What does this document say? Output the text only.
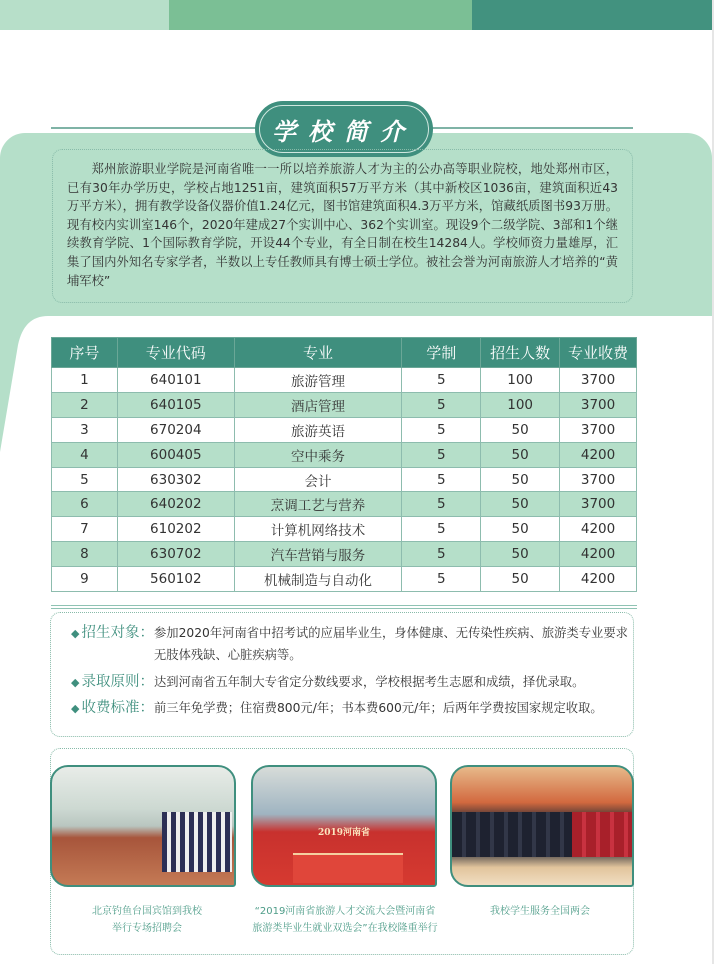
学校简介
郑州旅游职业学院是河南省唯一一所以培养旅游人才为主的公办高等职业院校，地处郑州市区，已有30年办学历史，学校占地1251亩，建筑面积57万平方米（其中新校区1036亩，建筑面积近43万平方米），拥有教学设备仪器价值1.24亿元，图书馆建筑面积4.3万平方米，馆藏纸质图书93万册。现有校内实训室146个，2020年建成27个实训中心、362个实训室。现设9个二级学院、3部和1个继续教育学院、1个国际教育学院，开设44个专业，有全日制在校生14284人。学校师资力量雄厚，汇集了国内外知名专家学者，半数以上专任教师具有博士硕士学位。被社会誉为河南旅游人才培养的“黄埔军校”
序号	专业代码	专业	学制	招生人数	专业收费
1	640101	旅游管理	5	100	3700
2	640105	酒店管理	5	100	3700
3	670204	旅游英语	5	50	3700
4	600405	空中乘务	5	50	4200
5	630302	会计	5	50	3700
6	640202	烹调工艺与营养	5	50	3700
7	610202	计算机网络技术	5	50	4200
8	630702	汽车营销与服务	5	50	4200
9	560102	机械制造与自动化	5	50	4200
◆ 招生对象： 参加2020年河南省中招考试的应届毕业生，身体健康、无传染性疾病、旅游类专业要求无肢体残缺、心脏疾病等。
◆ 录取原则： 达到河南省五年制大专省定分数线要求，学校根据考生志愿和成绩，择优录取。
◆ 收费标准： 前三年免学费；住宿费800元/年；书本费600元/年；后两年学费按国家规定收取。
2019河南省
北京钓鱼台国宾馆到我校
举行专场招聘会
“2019河南省旅游人才交流大会暨河南省
旅游类毕业生就业双选会”在我校隆重举行
我校学生服务全国两会
